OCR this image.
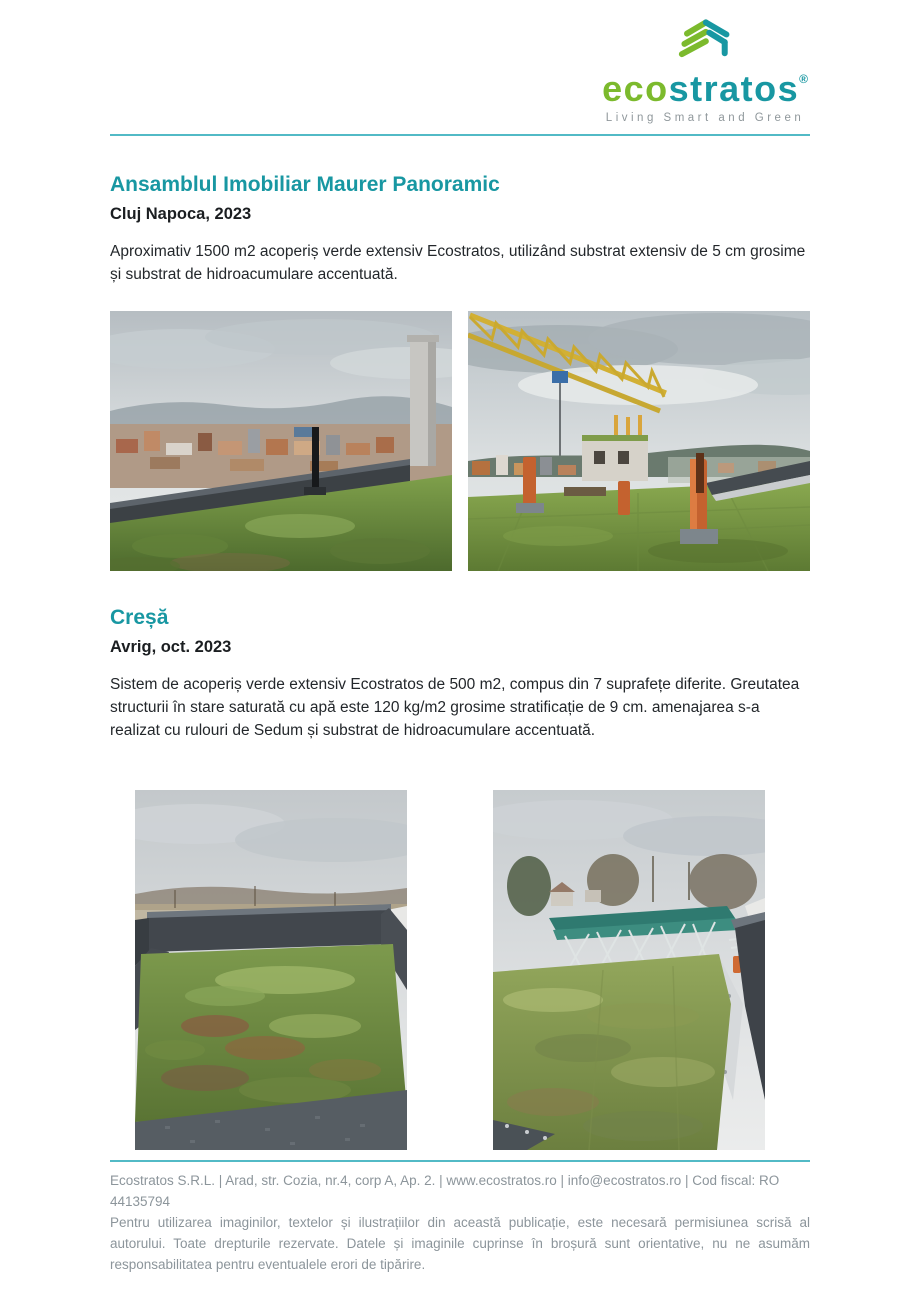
ecostratos®
Living Smart and Green
Ansamblul Imobiliar Maurer Panoramic
Cluj Napoca, 2023

Aproximativ 1500 m2 acoperiș verde extensiv Ecostratos, utilizând substrat extensiv de 5 cm grosime și substrat de hidroacumulare accentuată.

Creșă
Avrig, oct. 2023

Sistem de acoperiș verde extensiv Ecostratos de 500 m2, compus din 7 suprafețe diferite. Greutatea structurii în stare saturată cu apă este 120 kg/m2 grosime stratificație de 9 cm. amenajarea s-a realizat cu rulouri de Sedum și substrat de hidroacumulare accentuată.

Ecostratos S.R.L. | Arad, str. Cozia, nr.4, corp A, Ap. 2. | www.ecostratos.ro | info@ecostratos.ro | Cod fiscal: RO 44135794

Pentru utilizarea imaginilor, textelor și ilustrațiilor din această publicație, este necesară permisiunea scrisă al autorului. Toate drepturile rezervate. Datele și imaginile cuprinse în broșură sunt orientative, nu ne asumăm responsabilitatea pentru eventualele erori de tipărire.
